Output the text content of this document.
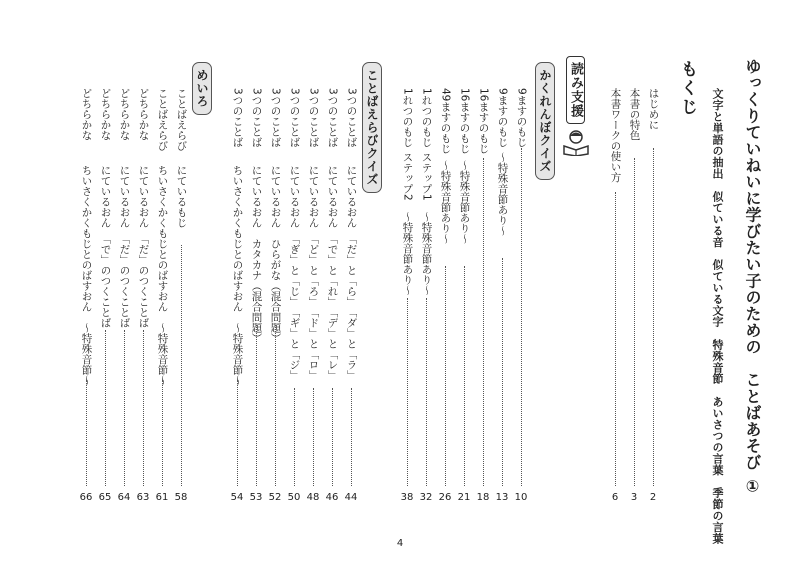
ゆっくりていねいに学びたい子のための　ことばあそび ①
文字と単語の抽出　似ている音　似ている文字　特殊音節　あいさつの言葉　季節の言葉
もくじ
はじめに
2
本書の特色
3
本書ワークの使い方
6
読み支援
かくれんぼクイズ
9ますのもじ
10
9ますのもじ
～特殊音節あり～
13
16ますのもじ
18
16ますのもじ
～特殊音節あり～
21
49ますのもじ
～特殊音節あり～
26
1れつのもじ
ステップ1　～特殊音節あり～
32
1れつのもじ
ステップ2　～特殊音節あり～
38
ことばえらびクイズ
3つのことば
にているおん　「だ」と「ら」　「ダ」と「ラ」
44
3つのことば
にているおん　「で」と「れ」　「デ」と「レ」
46
3つのことば
にているおん　「ど」と「ろ」　「ド」と「ロ」
48
3つのことば
にているおん　「ぎ」と「じ」　「ギ」と「ジ」
50
3つのことば
にているおん　ひらがな（混合問題）
52
3つのことば
にているおん　カタカナ（混合問題）
53
3つのことば
ちいさくかくもじとのばすおん　～特殊音節～
54
めいろ
ことばえらび
にているもじ
58
ことばえらび
ちいさくかくもじとのばすおん　～特殊音節～
61
どちらかな
にているおん　「だ」のつくことば
63
どちらかな
にているおん　「だ」のつくことば
64
どちらかな
にているおん　「で」のつくことば
65
どちらかな
ちいさくかくもじとのばすおん　～特殊音節～
66
4
